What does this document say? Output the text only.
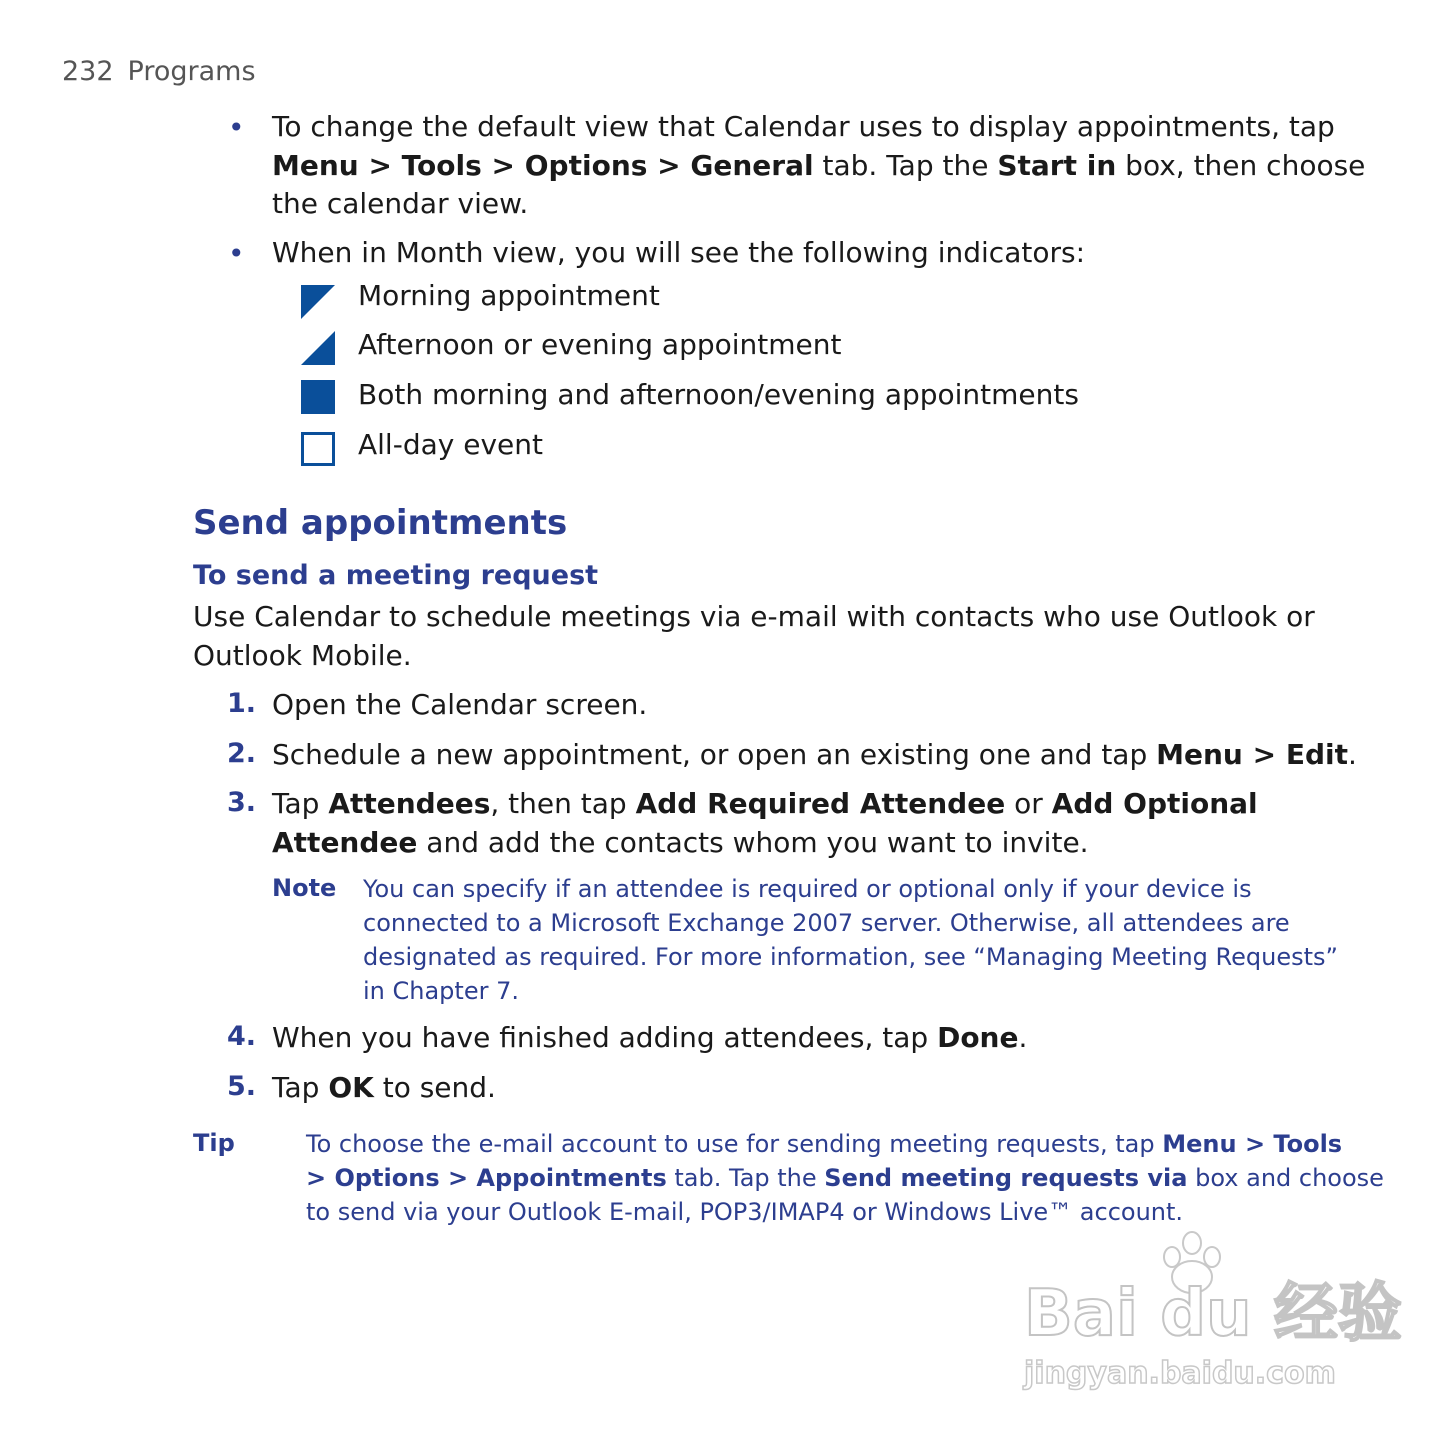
232 Programs
• To change the default view that Calendar uses to display appointments, tap
Menu > Tools > Options > General tab. Tap the Start in box, then choose
the calendar view.
• When in Month view, you will see the following indicators:
Morning appointment
Afternoon or evening appointment
Both morning and afternoon/evening appointments
All-day event
Send appointments
To send a meeting request
Use Calendar to schedule meetings via e-mail with contacts who use Outlook or
Outlook Mobile.
1. Open the Calendar screen.
2. Schedule a new appointment, or open an existing one and tap Menu > Edit.
3. Tap Attendees, then tap Add Required Attendee or Add Optional
Attendee and add the contacts whom you want to invite.
Note You can specify if an attendee is required or optional only if your device is
connected to a Microsoft Exchange 2007 server. Otherwise, all attendees are
designated as required. For more information, see “Managing Meeting Requests”
in Chapter 7.
4. When you have finished adding attendees, tap Done.
5. Tap OK to send.
Tip	To choose the e-mail account to use for sending meeting requests, tap Menu > Tools
> Options > Appointments tab. Tap the Send meeting requests via box and choose
to send via your Outlook E-mail, POP3/IMAP4 or Windows Live™ account.
Bai du 经验
jingyan.baidu.com
